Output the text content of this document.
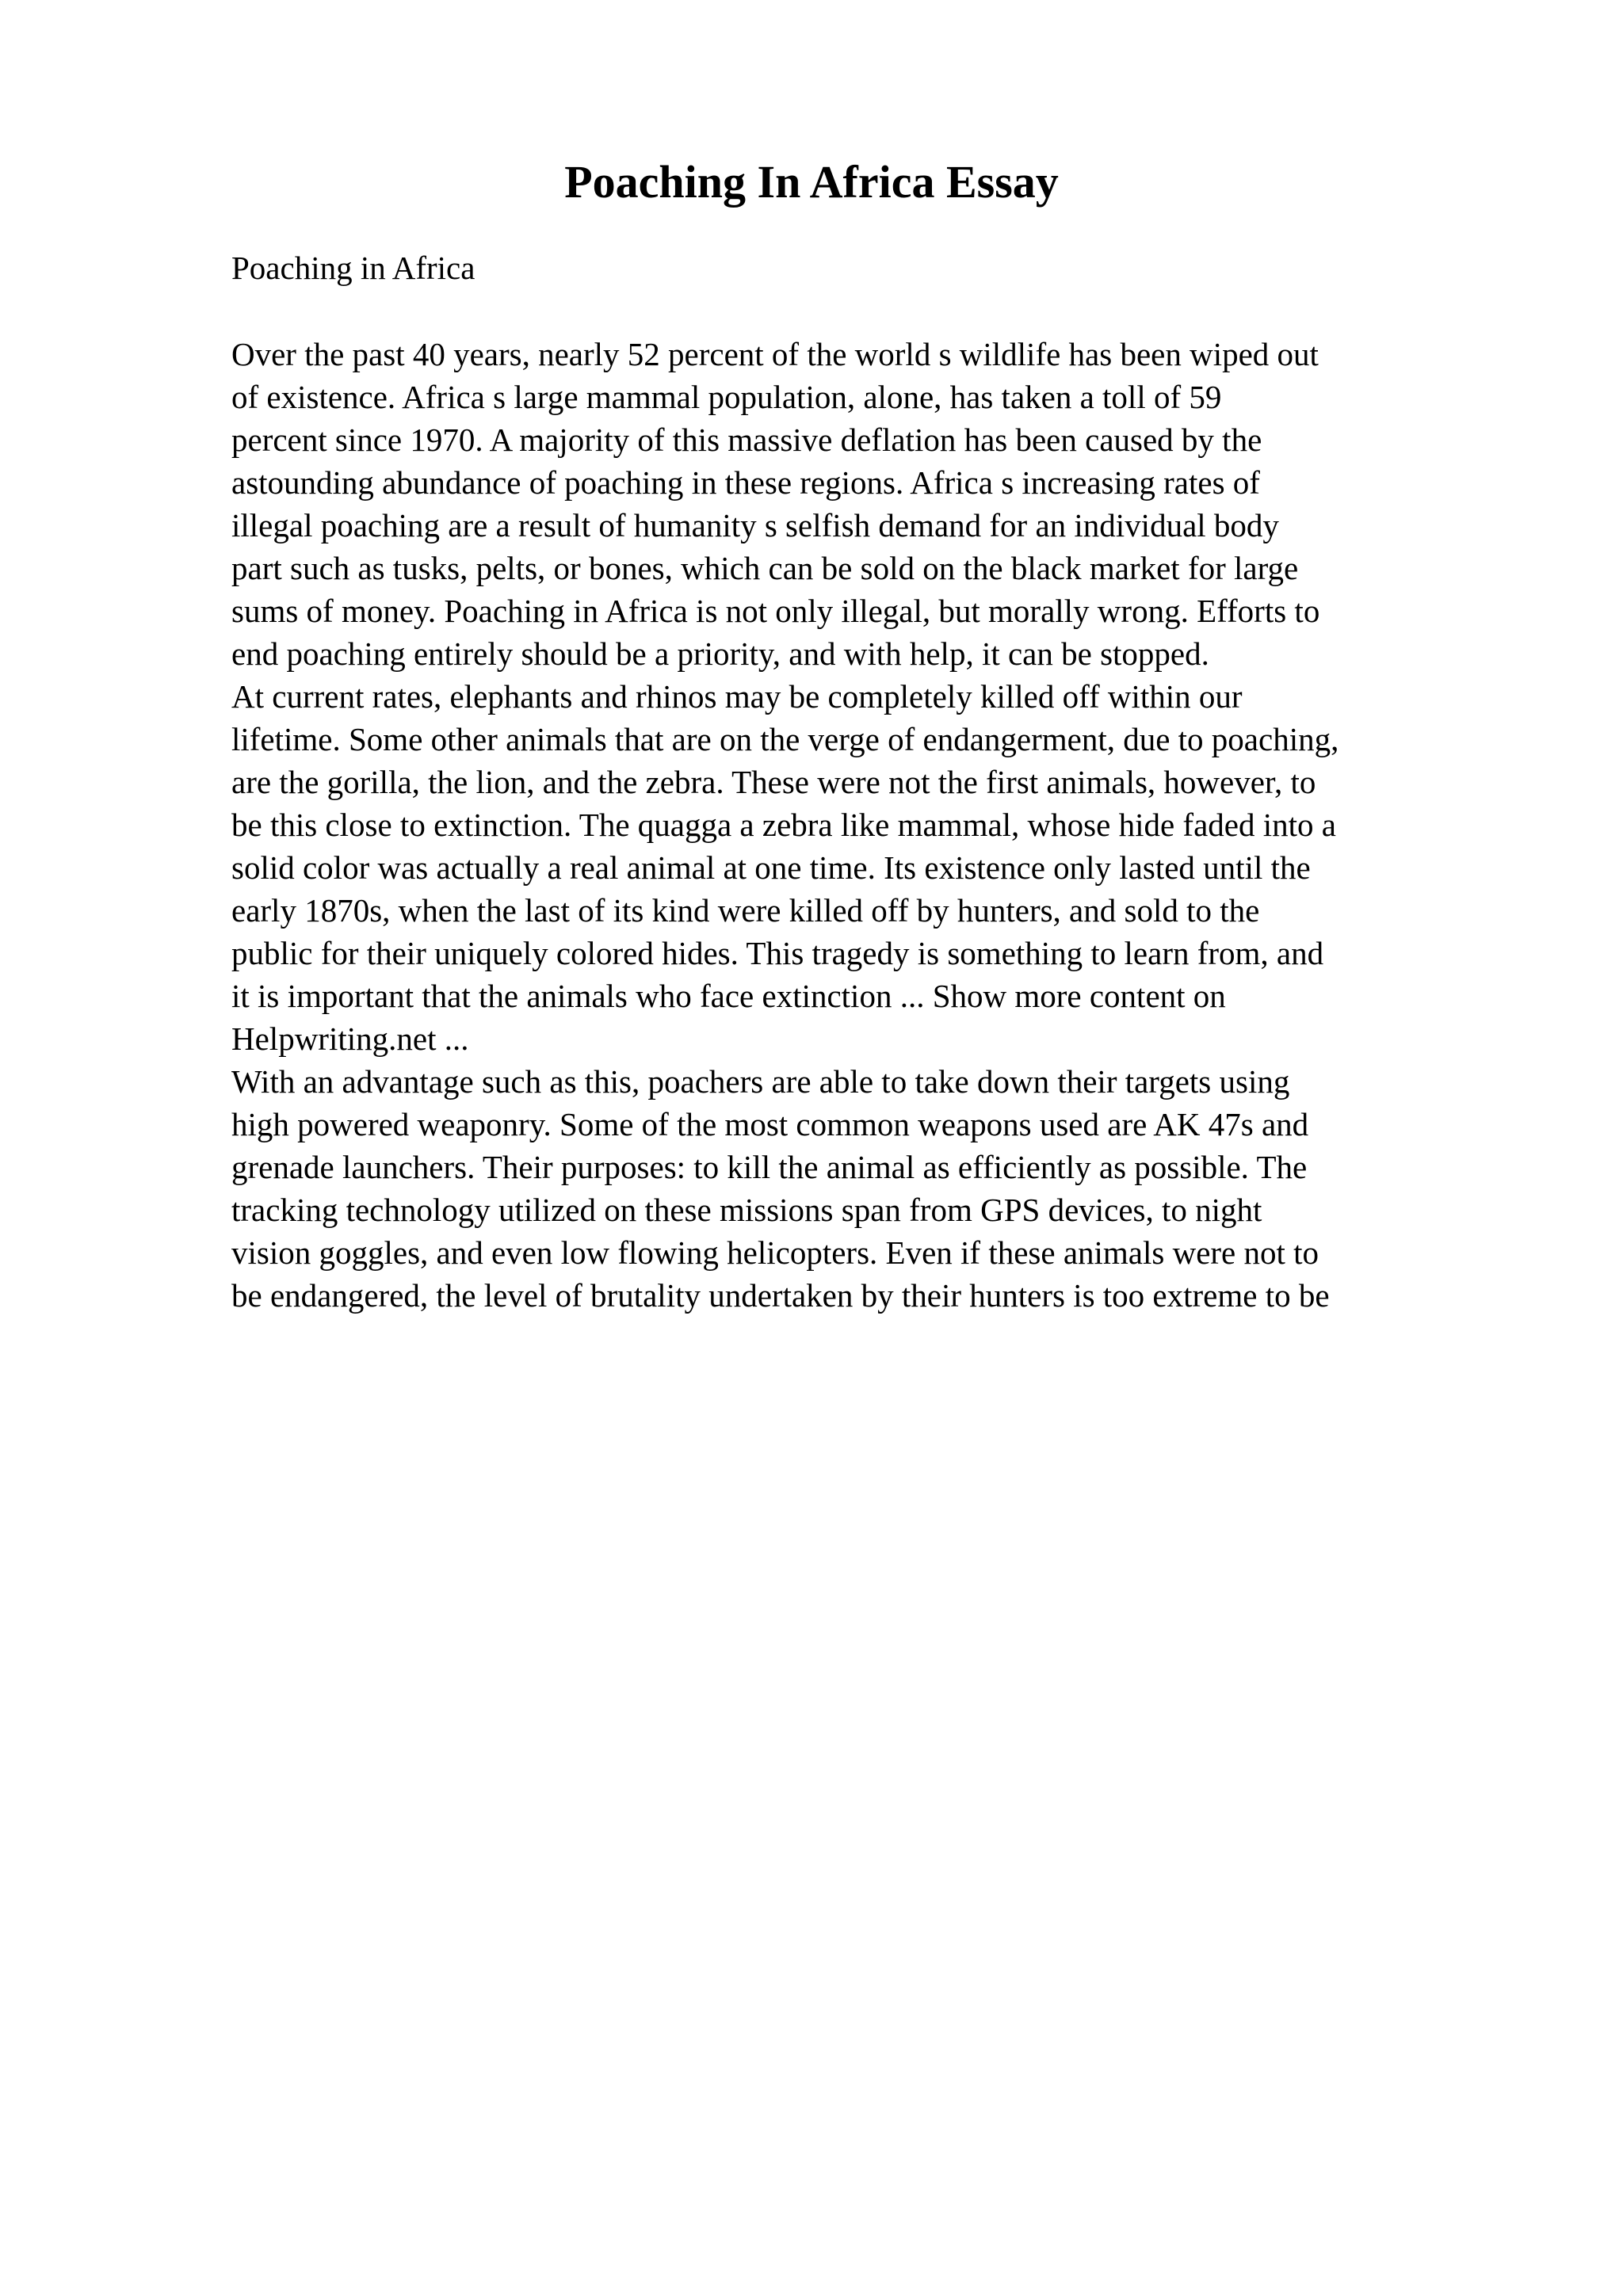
Poaching In Africa Essay

Poaching in Africa

Over the past 40 years, nearly 52 percent of the world s wildlife has been wiped out
of existence. Africa s large mammal population, alone, has taken a toll of 59
percent since 1970. A majority of this massive deflation has been caused by the
astounding abundance of poaching in these regions. Africa s increasing rates of
illegal poaching are a result of humanity s selfish demand for an individual body
part such as tusks, pelts, or bones, which can be sold on the black market for large
sums of money. Poaching in Africa is not only illegal, but morally wrong. Efforts to
end poaching entirely should be a priority, and with help, it can be stopped.
At current rates, elephants and rhinos may be completely killed off within our
lifetime. Some other animals that are on the verge of endangerment, due to poaching,
are the gorilla, the lion, and the zebra. These were not the first animals, however, to
be this close to extinction. The quagga a zebra like mammal, whose hide faded into a
solid color was actually a real animal at one time. Its existence only lasted until the
early 1870s, when the last of its kind were killed off by hunters, and sold to the
public for their uniquely colored hides. This tragedy is something to learn from, and
it is important that the animals who face extinction ... Show more content on
Helpwriting.net ...
With an advantage such as this, poachers are able to take down their targets using
high powered weaponry. Some of the most common weapons used are AK 47s and
grenade launchers. Their purposes: to kill the animal as efficiently as possible. The
tracking technology utilized on these missions span from GPS devices, to night
vision goggles, and even low flowing helicopters. Even if these animals were not to
be endangered, the level of brutality undertaken by their hunters is too extreme to be
